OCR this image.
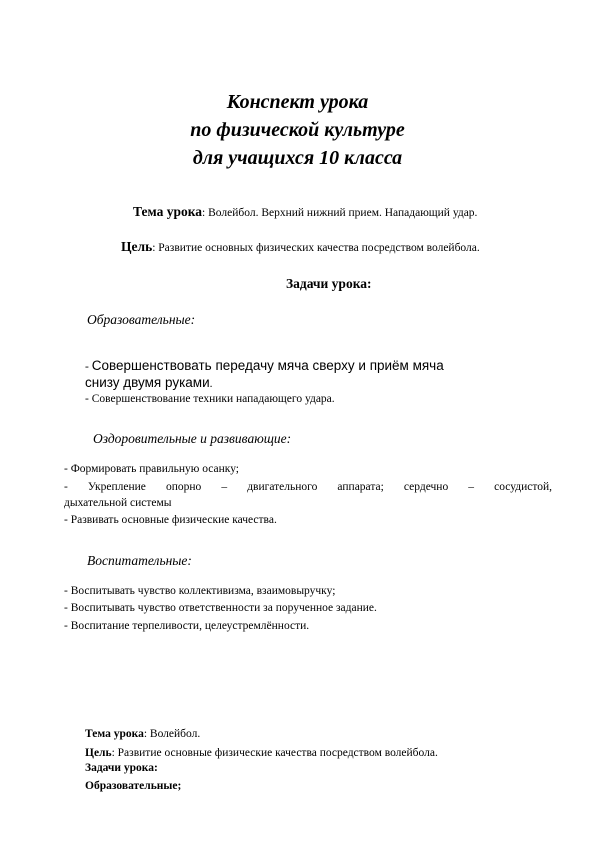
Конспект урока
по физической культуре
для учащихся 10 класса
Тема урока: Волейбол. Верхний нижний прием. Нападающий удар.
Цель: Развитие основных физических качества посредством волейбола.
Задачи урока:
Образовательные:
- Совершенствовать передачу мяча сверху и приём мяча
снизу двумя руками.
- Совершенствование техники нападающего удара.
Оздоровительные и развивающие:
- Формировать правильную осанку;
- Укрепление опорно – двигательного аппарата; сердечно – сосудистой,
дыхательной системы
- Развивать основные физические качества.
Воспитательные:
- Воспитывать чувство коллективизма, взаимовыручку;
- Воспитывать чувство ответственности за порученное задание.
- Воспитание терпеливости, целеустремлённости.
Тема урока: Волейбол.
Цель: Развитие основные физические качества посредством волейбола.
Задачи урока:
Образовательные;
